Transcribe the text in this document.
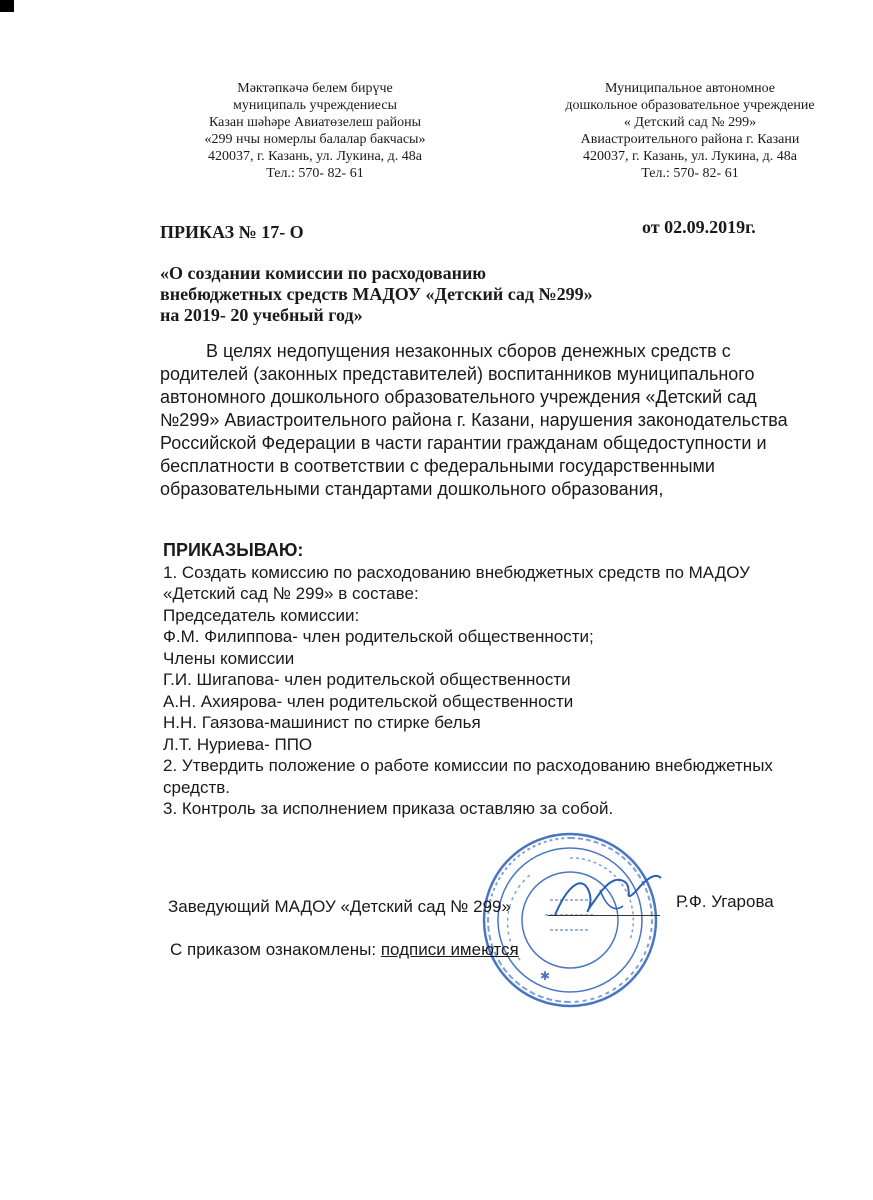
Мәктәпкәчә белем бирүче
муниципаль учреждениесы
Казан шәһәре Авиатөзелеш районы
«299 нчы номерлы балалар бакчасы»
420037, г. Казань, ул. Лукина, д. 48а
Тел.: 570- 82- 61
Муниципальное автономное
дошкольное образовательное учреждение
« Детский сад № 299»
Авиастроительного района г. Казани
420037, г. Казань, ул. Лукина, д. 48а
Тел.: 570- 82- 61
ПРИКАЗ № 17- О	от 02.09.2019г.
«О создании комиссии по расходованию
внебюджетных средств МАДОУ «Детский сад №299»
на 2019- 20 учебный год»
В целях недопущения незаконных сборов денежных средств с
родителей (законных представителей) воспитанников муниципального
автономного дошкольного образовательного учреждения «Детский сад
№299» Авиастроительного района г. Казани, нарушения законодательства
Российской Федерации в части гарантии гражданам общедоступности и
бесплатности в соответствии с федеральными государственными
образовательными стандартами дошкольного образования,
ПРИКАЗЫВАЮ:
1. Создать комиссию по расходованию внебюджетных средств по МАДОУ
«Детский сад № 299» в составе:
Председатель комиссии:
Ф.М. Филиппова- член родительской общественности;
Члены комиссии
Г.И. Шигапова- член родительской общественности
А.Н. Ахиярова- член родительской общественности
Н.Н. Гаязова-машинист по стирке белья
Л.Т. Нуриева- ППО
2. Утвердить положение о работе комиссии по расходованию внебюджетных
средств.
3. Контроль за исполнением приказа оставляю за собой.
✱
Заведующий МАДОУ «Детский сад № 299»	Р.Ф. Угарова
С приказом ознакомлены: подписи имеются
